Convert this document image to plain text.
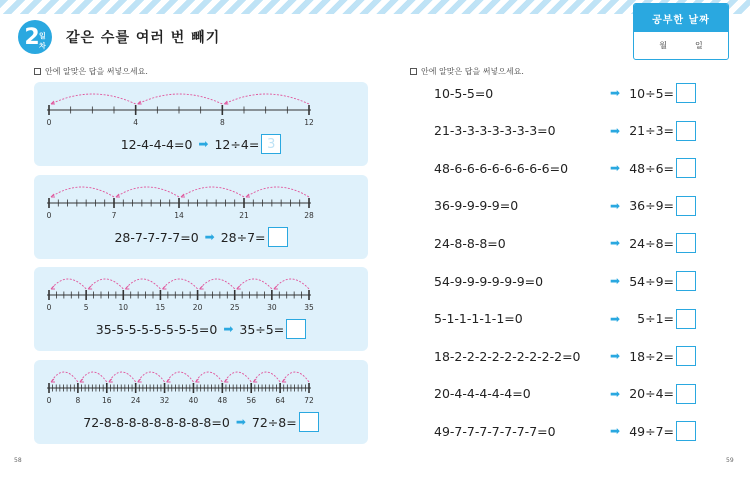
2 일차	같은 수를 여러 번 빼기
공부한 날짜
월	일
안에 알맞은 답을 써넣으세요.	안에 알맞은 답을 써넣으세요.
0	4	8	12
12-4-4-4=0 ➡ 12÷4= 3
0	7	14	21	28
28-7-7-7-7=0 ➡ 28÷7=
0	5	10	15	20	25	30	35
35-5-5-5-5-5-5-5=0 ➡ 35÷5=
0	8	16	24	32	40	48	56	64	72
72-8-8-8-8-8-8-8-8-8=0 ➡ 72÷8=
10-5-5=0	➡ 10÷5=
21-3-3-3-3-3-3-3=0	➡ 21÷3=
48-6-6-6-6-6-6-6-6=0	➡ 48÷6=
36-9-9-9-9=0	➡ 36÷9=
24-8-8-8=0	➡ 24÷8=
54-9-9-9-9-9-9=0	➡ 54÷9=
5-1-1-1-1-1=0	➡	5÷1=
18-2-2-2-2-2-2-2-2-2=0	➡ 18÷2=
20-4-4-4-4-4=0	➡ 20÷4=
49-7-7-7-7-7-7-7=0	➡ 49÷7=
58	59
